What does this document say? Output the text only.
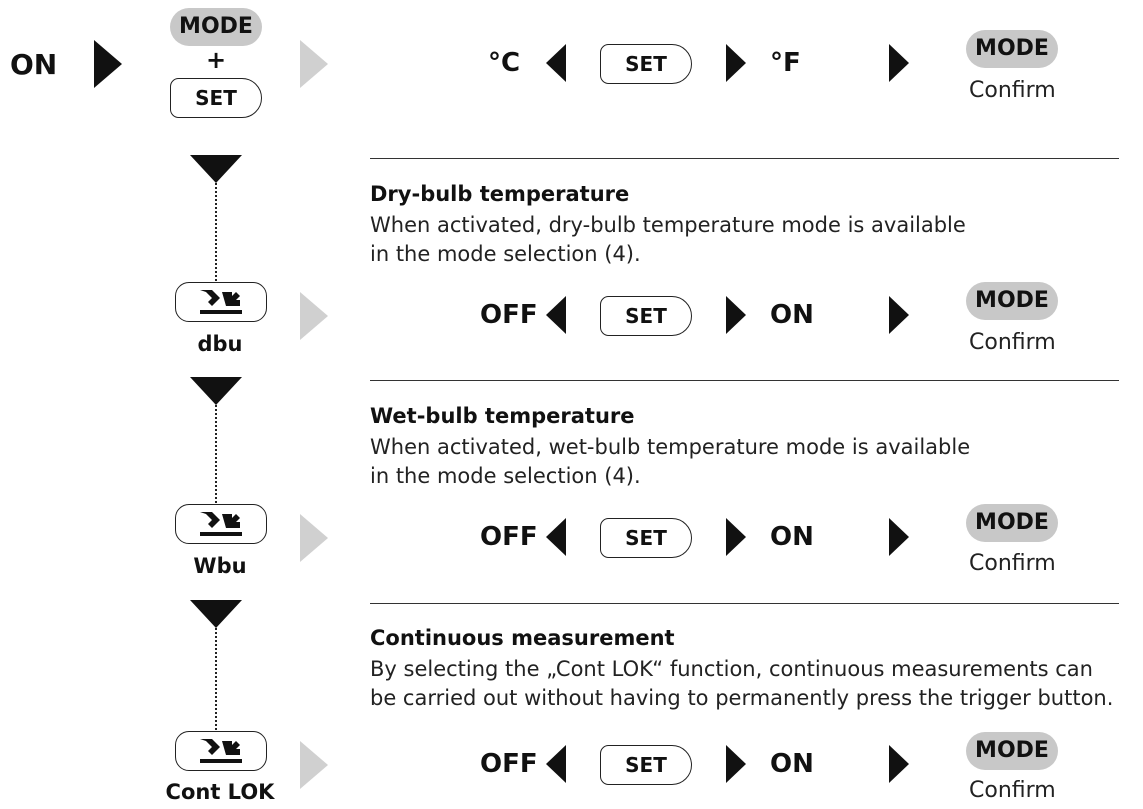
ON
MODE
+
SET
°C	SET	°F	MODE
Confirm
Dry-bulb temperature
When activated, dry-bulb temperature mode is available
in the mode selection (4).
dbu
OFF	SET	ON	MODE
Confirm
Wet-bulb temperature
When activated, wet-bulb temperature mode is available
in the mode selection (4).
Wbu
OFF	SET	ON	MODE
Confirm
Continuous measurement
By selecting the „Cont LOK“ function, continuous measurements can
be carried out without having to permanently press the trigger button.
Cont LOK
OFF	SET	ON	MODE
Confirm
